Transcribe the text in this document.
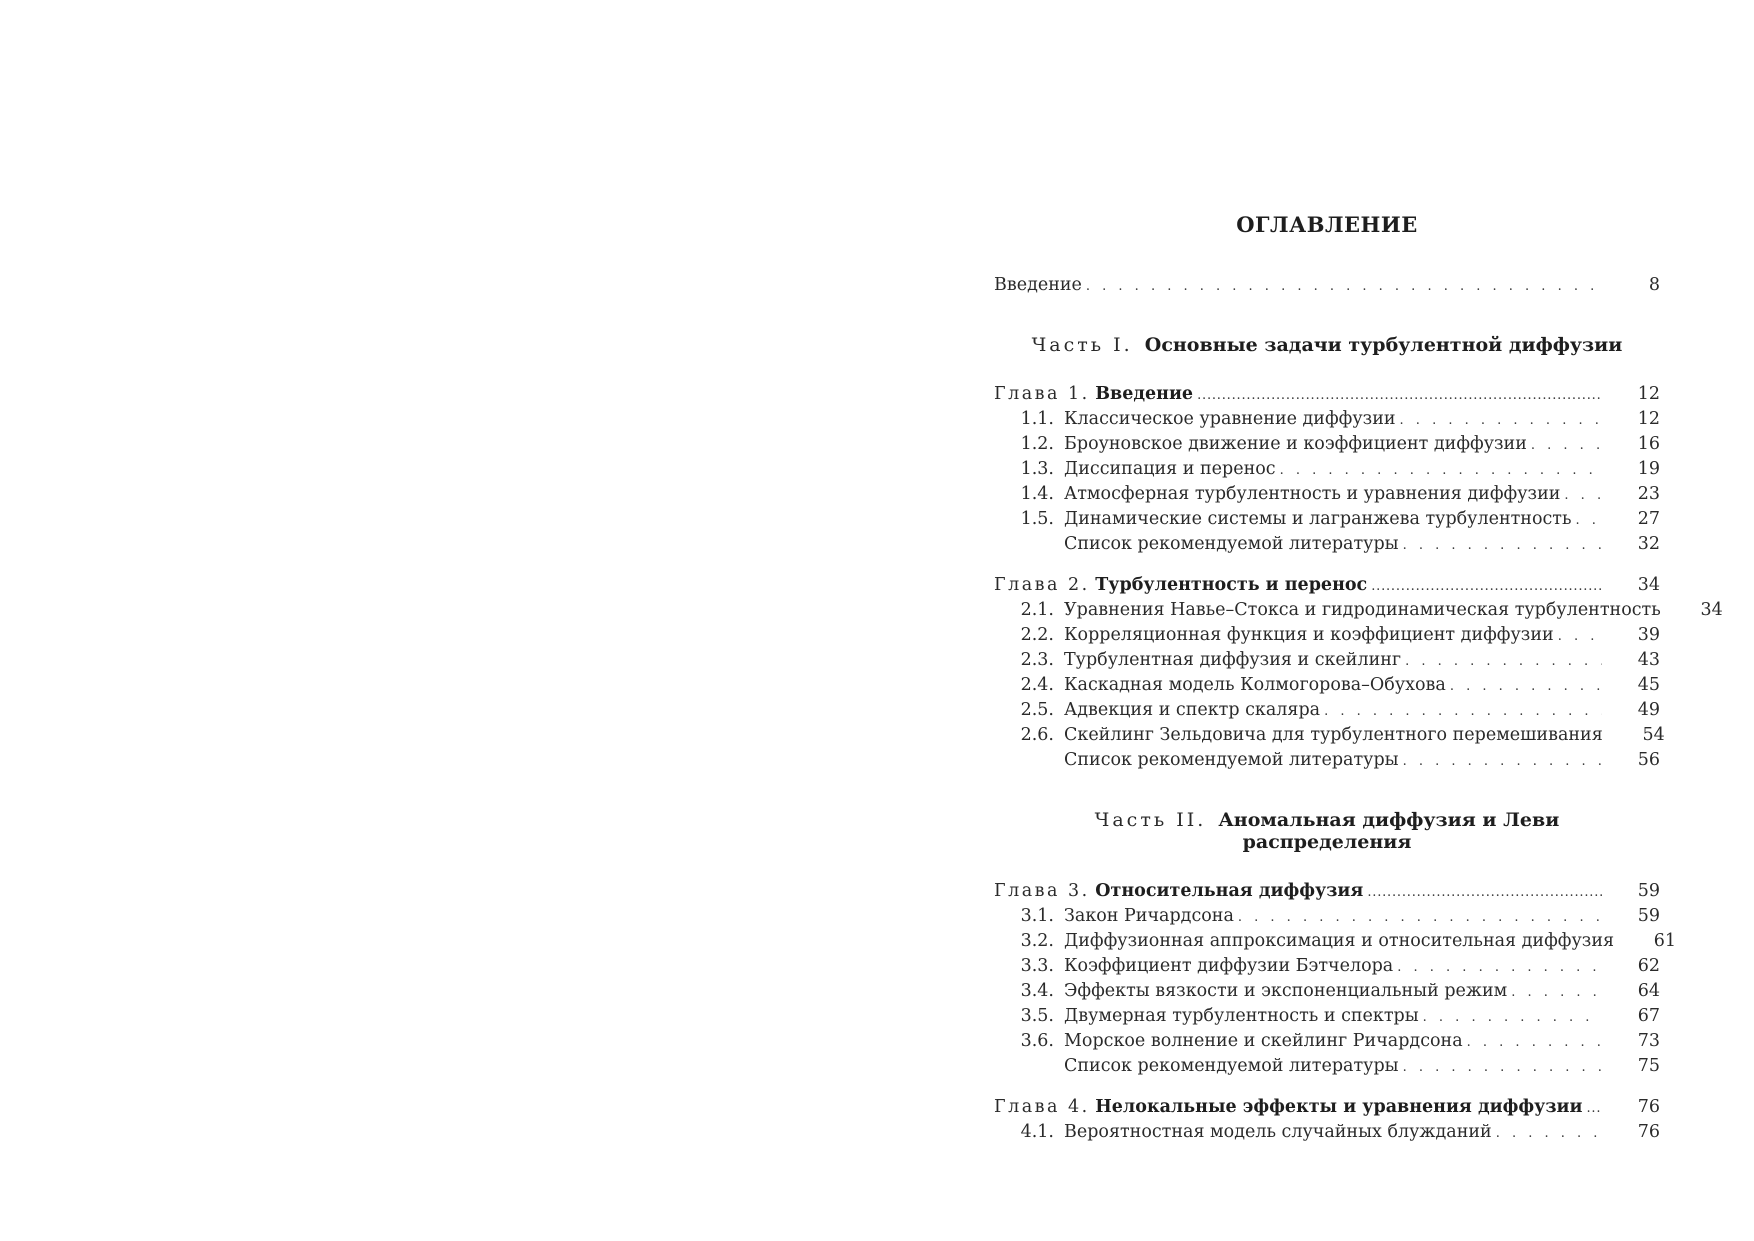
ОГЛАВЛЕНИЕ
Введение . . .	8
Часть I. Основные задачи турбулентной диффузии
Глава 1. Введение .....	12
1.1. Классическое уравнение диффузии . . .	12
1.2. Броуновское движение и коэффициент диффузии . . .	16
1.3. Диссипация и перенос . . .	19
1.4. Атмосферная турбулентность и уравнения диффузии . . .	23
1.5. Динамические системы и лагранжева турбулентность . . .	27
Список рекомендуемой литературы . . .	32
Глава 2. Турбулентность и перенос .....	34
2.1. Уравнения Навье–Стокса и гидродинамическая турбулентность	34
2.2. Корреляционная функция и коэффициент диффузии . . .	39
2.3. Турбулентная диффузия и скейлинг . . .	43
2.4. Каскадная модель Колмогорова–Обухова . . .	45
2.5. Адвекция и спектр скаляра . . .	49
2.6. Скейлинг Зельдовича для турбулентного перемешивания	54
Список рекомендуемой литературы . . .	56
Часть II. Аномальная диффузия и Леви
распределения
Глава 3. Относительная диффузия .....	59
3.1. Закон Ричардсона . . .	59
3.2. Диффузионная аппроксимация и относительная диффузия	61
3.3. Коэффициент диффузии Бэтчелора . . .	62
3.4. Эффекты вязкости и экспоненциальный режим . . .	64
3.5. Двумерная турбулентность и спектры . . .	67
3.6. Морское волнение и скейлинг Ричардсона . . .	73
Список рекомендуемой литературы . . .	75
Глава 4. Нелокальные эффекты и уравнения диффузии .....	76
4.1. Вероятностная модель случайных блужданий . . .	76
